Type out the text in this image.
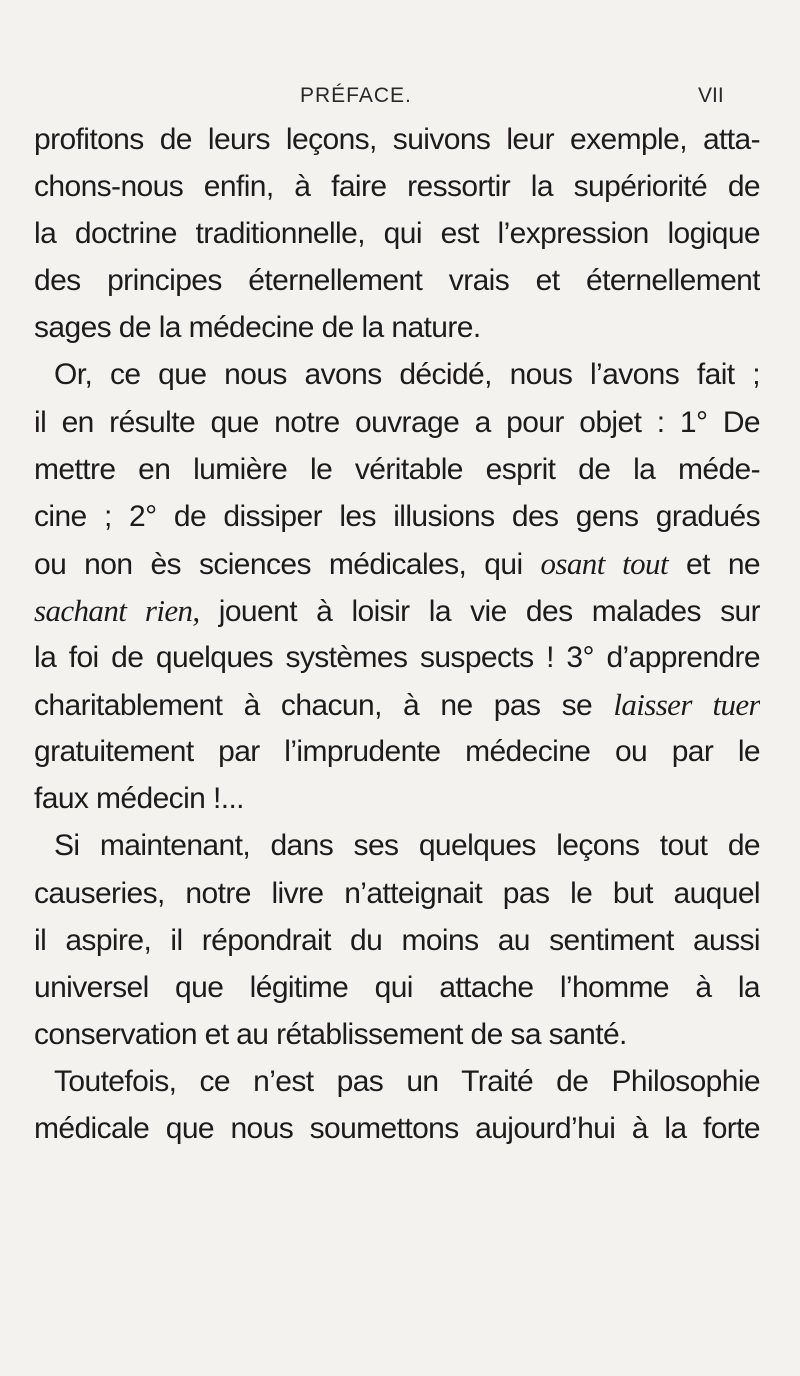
PRÉFACE.	VII
profitons de leurs leçons, suivons leur exemple, atta-
chons-nous enfin, à faire ressortir la supériorité de
la doctrine traditionnelle, qui est l’expression logique
des principes éternellement vrais et éternellement
sages de la médecine de la nature.
Or, ce que nous avons décidé, nous l’avons fait ;
il en résulte que notre ouvrage a pour objet : 1° De
mettre en lumière le véritable esprit de la méde-
cine ; 2° de dissiper les illusions des gens gradués
ou non ès sciences médicales, qui osant tout et ne
sachant rien, jouent à loisir la vie des malades sur
la foi de quelques systèmes suspects ! 3° d’apprendre
charitablement à chacun, à ne pas se laisser tuer
gratuitement par l’imprudente médecine ou par le
faux médecin !...
Si maintenant, dans ses quelques leçons tout de
causeries, notre livre n’atteignait pas le but auquel
il aspire, il répondrait du moins au sentiment aussi
universel que légitime qui attache l’homme à la
conservation et au rétablissement de sa santé.
Toutefois, ce n’est pas un Traité de Philosophie
médicale que nous soumettons aujourd’hui à la forte
